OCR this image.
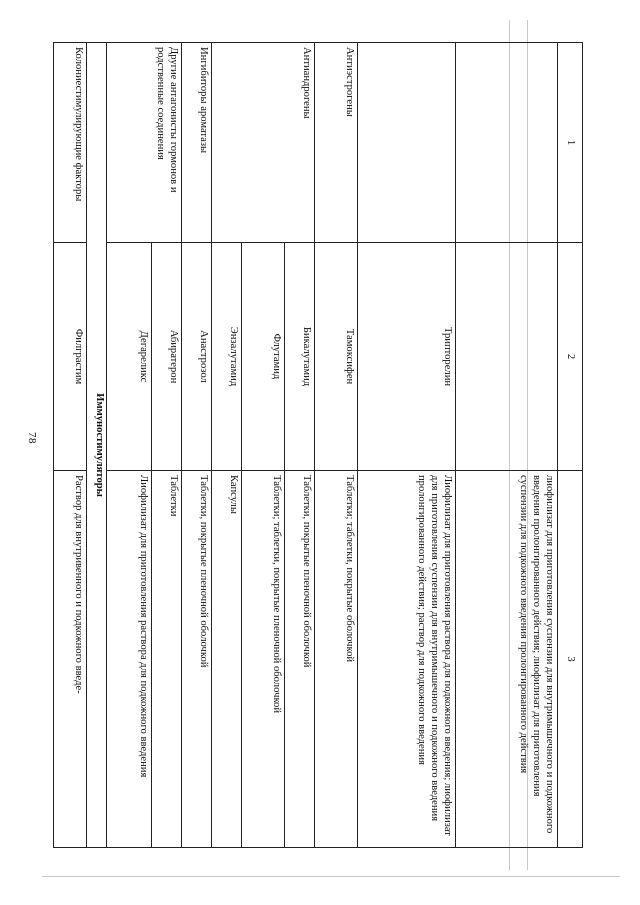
78
1	2	3
		лиофилизат для приготовления суспензии для внутримышечного и подкожного введения пролонгированного действия; лиофилизат для приготовления суспензии для подкожного введения пролонгированного действия
	Трипторелин	Лиофилизат для приготовления раствора для подкожного введения; лиофилизат для приготовления суспензии для внутримышечного и подкожного введения пролонгированного действия; раствор для подкожного введения
Антиэстрогены	Тамоксифен	Таблетки; таблетки, покрытые оболочкой
Антиандрогены	Бикалутамид	Таблетки, покрытые пленочной оболочкой
	Флутамид	Таблетки; таблетки, покрытые пленочной оболочкой
	Энзалутамид	Капсулы
Ингибиторы ароматазы	Анастрозол	Таблетки, покрытые пленочной оболочкой
Другие антагонисты гормонов и родственные соединения	Абиратерон	Таблетки
	Дегареликс	Лиофилизат для приготовления раствора для подкожного введения
Иммуностимуляторы		
Колониестимулирующие факторы	Филграстим	Раствор для внутривенного и подкожного введе-
